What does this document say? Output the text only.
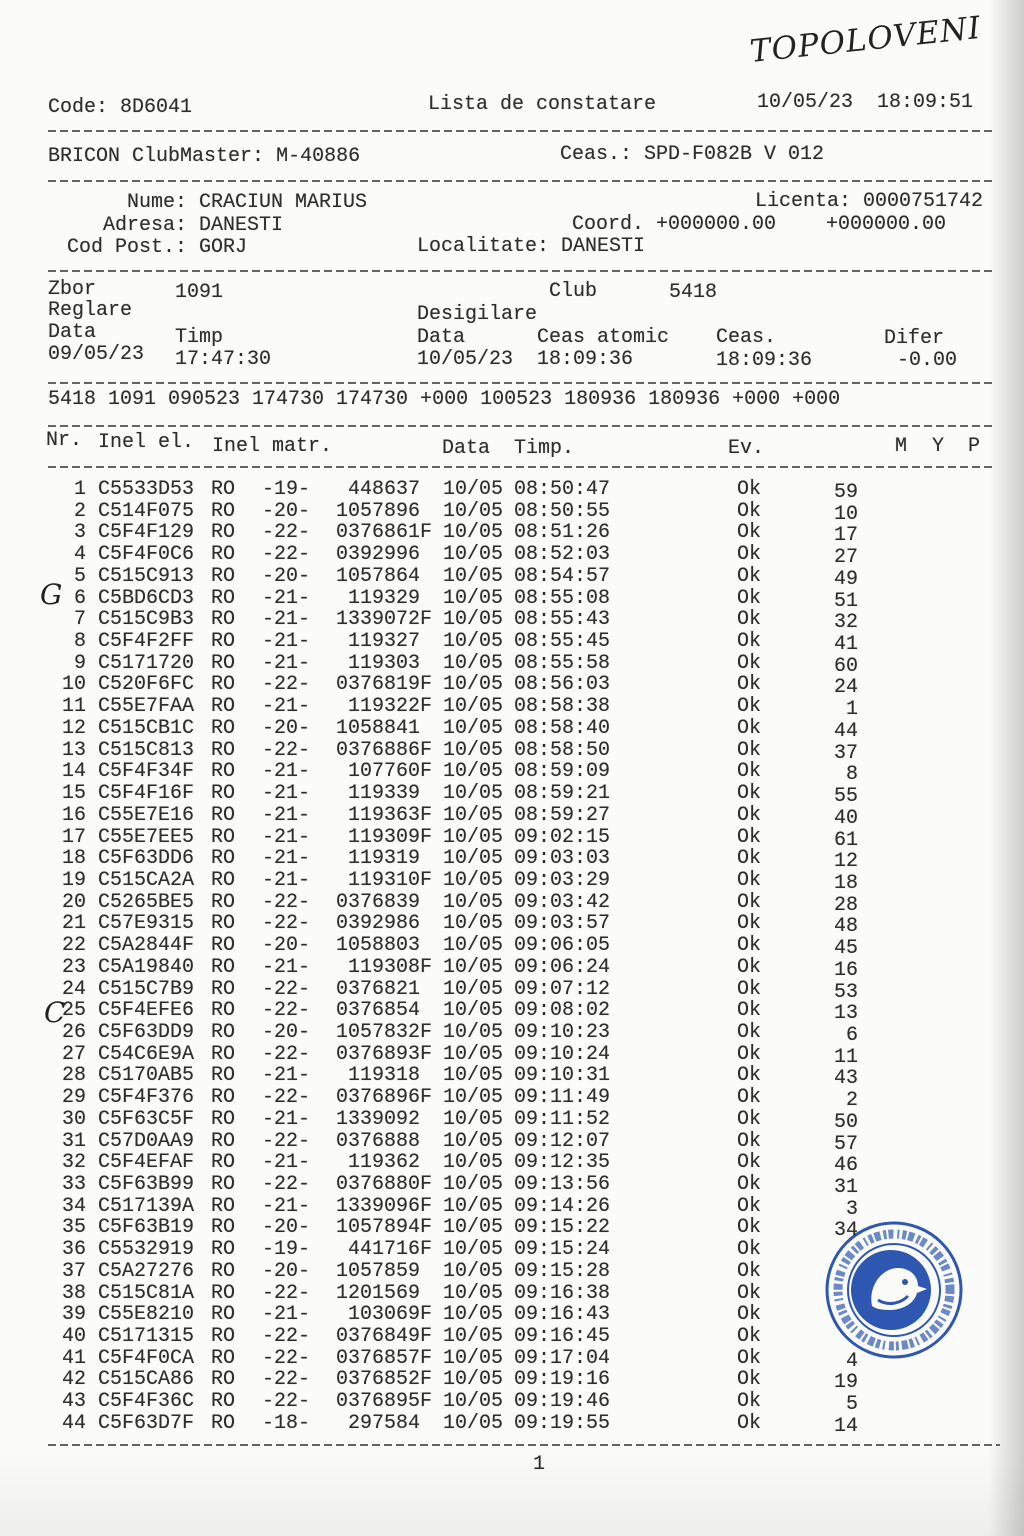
TOPOLOVENI
G
C
Code: 8D6041	Lista de constatare	10/05/23 18:09:51
BRICON ClubMaster: M-40886	Ceas.: SPD-F082B V 012
Nume: CRACIUN MARIUS	Licenta: 0000751742
Adresa: DANESTI	Coord. +000000.00 +000000.00
Cod Post.: GORJ	Localitate: DANESTI
Zbor	1091	Club	5418
Reglare	Desigilare
Data	Timp	Data	Ceas atomic Ceas.	Difer
09/05/23 17:47:30	10/05/23 18:09:36	18:09:36	-0.00
5418 1091 090523 174730 174730 +000 100523 180936 180936 +000 +000
Nr. Inel el. Inel matr.	Data Timp.	Ev.	M Y P
1 C5533D53 RO -19- 448637	10/05 08:50:47	Ok	59
2 C514F075 RO -20- 1057896	10/05 08:50:55	Ok	10
3 C5F4F129 RO -22- 0376861F 10/05 08:51:26	Ok	17
4 C5F4F0C6 RO -22- 0392996	10/05 08:52:03	Ok	27
5 C515C913 RO -20- 1057864	10/05 08:54:57	Ok	49
6 C5BD6CD3 RO -21- 119329	10/05 08:55:08	Ok	51
7 C515C9B3 RO -21- 1339072F 10/05 08:55:43	Ok	32
8 C5F4F2FF RO -21- 119327	10/05 08:55:45	Ok	41
9 C5171720 RO -21- 119303	10/05 08:55:58	Ok	60
10 C520F6FC RO -22- 0376819F 10/05 08:56:03	Ok	24
11 C55E7FAA RO -21- 119322F 10/05 08:58:38	Ok	1
12 C515CB1C RO -20- 1058841	10/05 08:58:40	Ok	44
13 C515C813 RO -22- 0376886F 10/05 08:58:50	Ok	37
14 C5F4F34F RO -21- 107760F 10/05 08:59:09	Ok	8
15 C5F4F16F RO -21- 119339	10/05 08:59:21	Ok	55
16 C55E7E16 RO -21- 119363F 10/05 08:59:27	Ok	40
17 C55E7EE5 RO -21- 119309F 10/05 09:02:15	Ok	61
18 C5F63DD6 RO -21- 119319	10/05 09:03:03	Ok	12
19 C515CA2A RO -21- 119310F 10/05 09:03:29	Ok	18
20 C5265BE5 RO -22- 0376839	10/05 09:03:42	Ok	28
21 C57E9315 RO -22- 0392986	10/05 09:03:57	Ok	48
22 C5A2844F RO -20- 1058803	10/05 09:06:05	Ok	45
23 C5A19840 RO -21- 119308F 10/05 09:06:24	Ok	16
24 C515C7B9 RO -22- 0376821	10/05 09:07:12	Ok	53
25 C5F4EFE6 RO -22- 0376854	10/05 09:08:02	Ok	13
26 C5F63DD9 RO -20- 1057832F 10/05 09:10:23	Ok	6
27 C54C6E9A RO -22- 0376893F 10/05 09:10:24	Ok	11
28 C5170AB5 RO -21- 119318	10/05 09:10:31	Ok	43
29 C5F4F376 RO -22- 0376896F 10/05 09:11:49	Ok	2
30 C5F63C5F RO -21- 1339092	10/05 09:11:52	Ok	50
31 C57D0AA9 RO -22- 0376888	10/05 09:12:07	Ok	57
32 C5F4EFAF RO -21- 119362	10/05 09:12:35	Ok	46
33 C5F63B99 RO -22- 0376880F 10/05 09:13:56	Ok	31
34 C517139A RO -21- 1339096F 10/05 09:14:26	Ok	3
35 C5F63B19 RO -20- 1057894F 10/05 09:15:22	Ok	34
36 C5532919 RO -19- 441716F 10/05 09:15:24	Ok
37 C5A27276 RO -20- 1057859	10/05 09:15:28	Ok
38 C515C81A RO -22- 1201569	10/05 09:16:38	Ok
39 C55E8210 RO -21- 103069F 10/05 09:16:43	Ok
40 C5171315 RO -22- 0376849F 10/05 09:16:45	Ok
41 C5F4F0CA RO -22- 0376857F 10/05 09:17:04	Ok	4
42 C515CA86 RO -22- 0376852F 10/05 09:19:16	Ok	19
43 C5F4F36C RO -22- 0376895F 10/05 09:19:46	Ok	5
44 C5F63D7F RO -18- 297584	10/05 09:19:55	Ok	14
1
